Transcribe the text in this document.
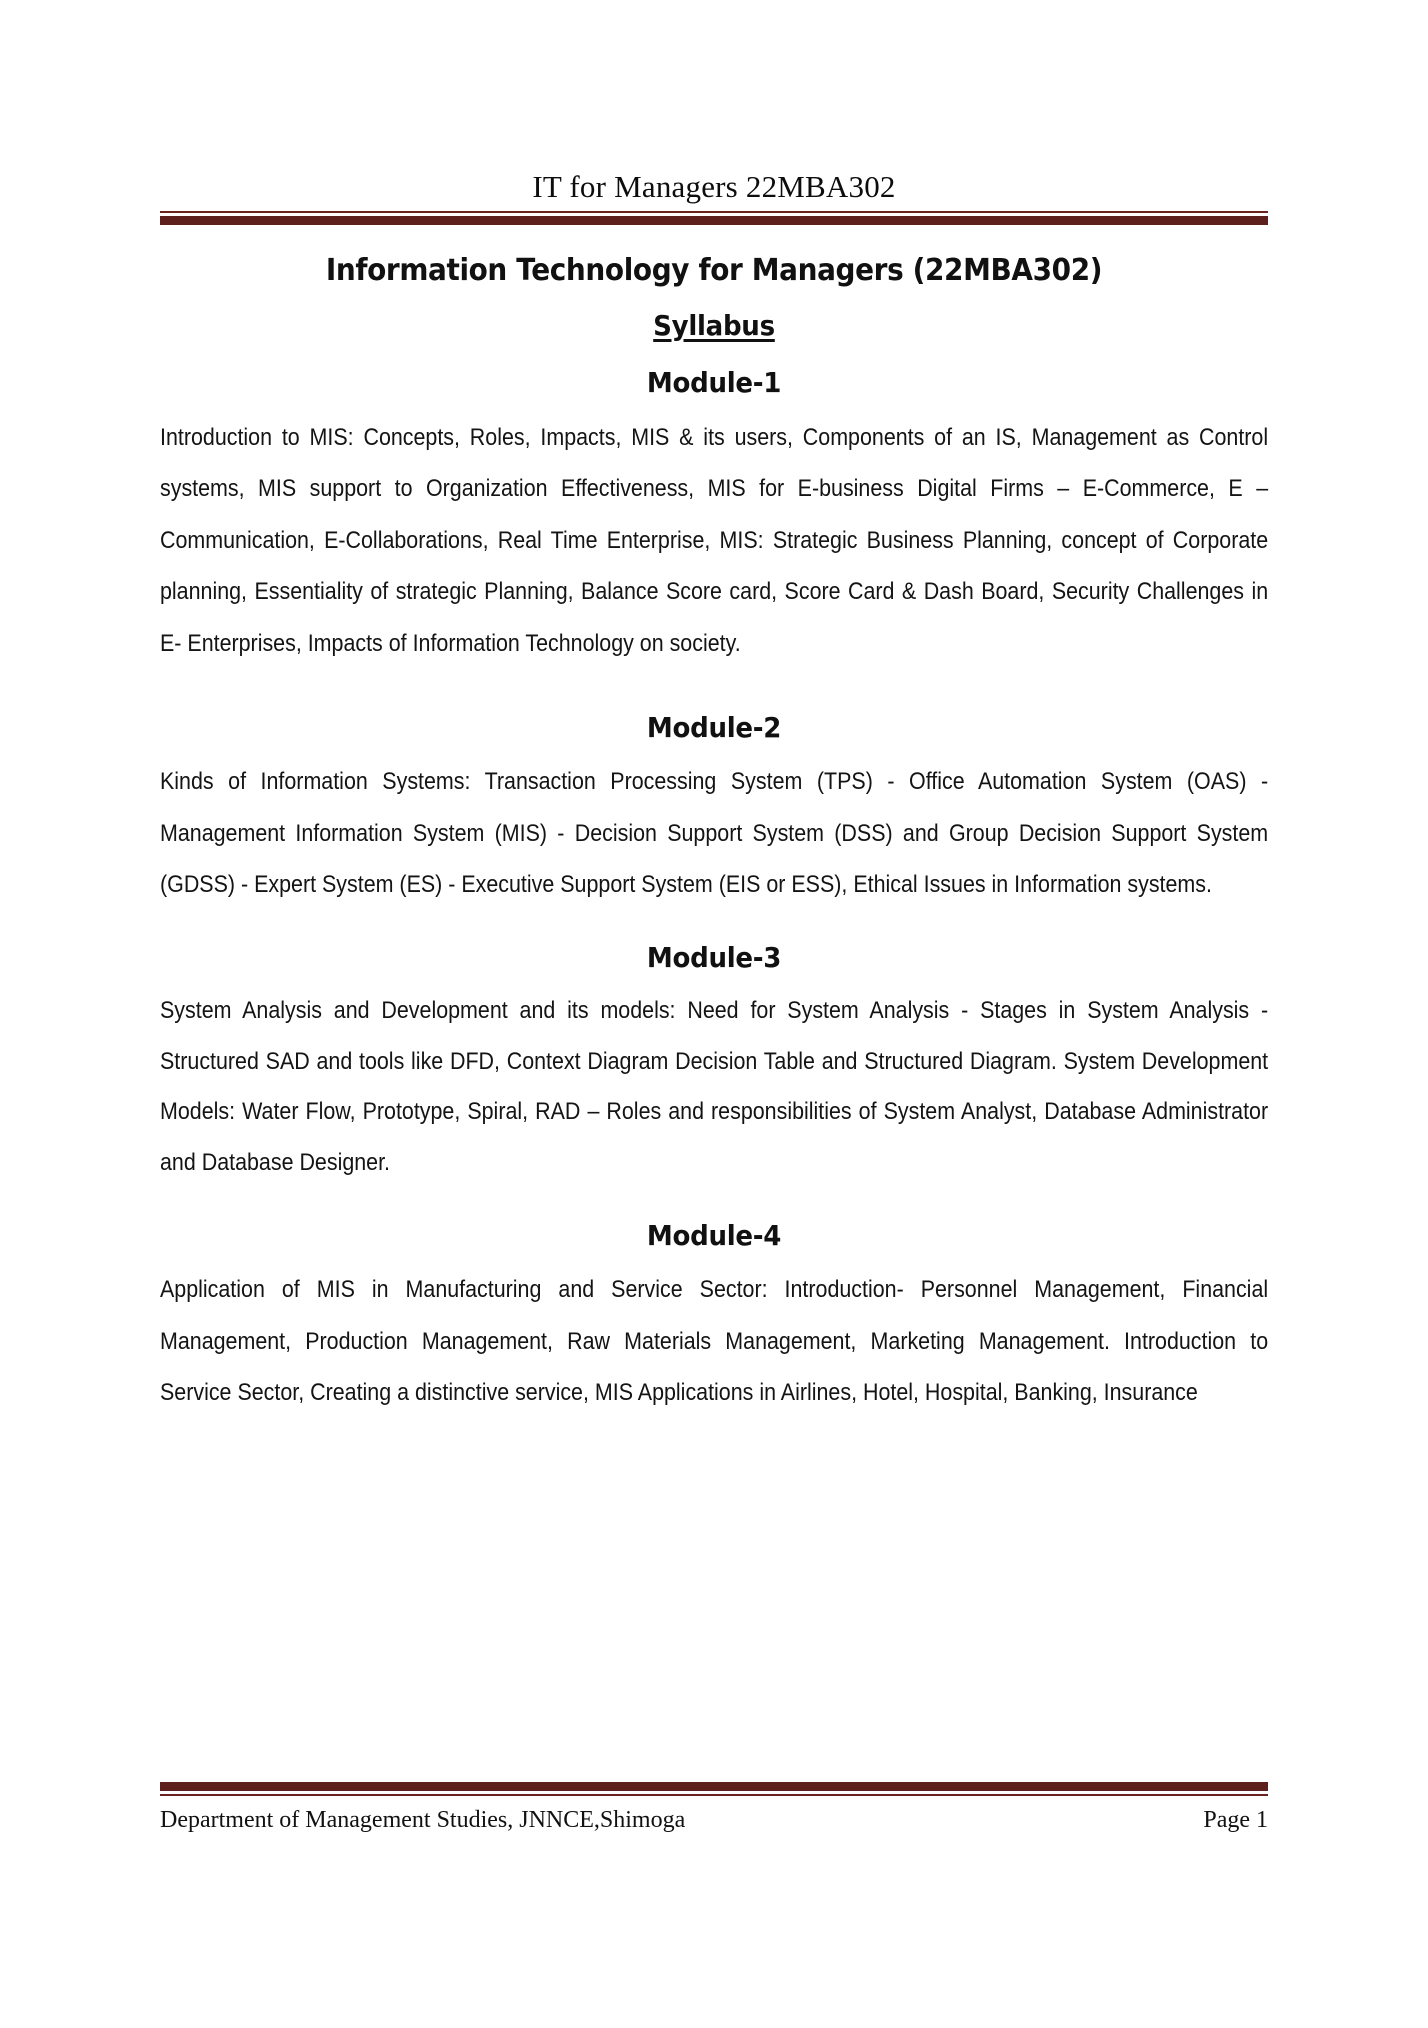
IT for Managers 22MBA302
Information Technology for Managers (22MBA302)
Syllabus
Module-1

Introduction to MIS: Concepts, Roles, Impacts, MIS & its users, Components of an IS, Management as Control systems, MIS support to Organization Effectiveness, MIS for E-business Digital Firms – E-Commerce, E – Communication, E-Collaborations, Real Time Enterprise, MIS: Strategic Business Planning, concept of Corporate planning, Essentiality of strategic Planning, Balance Score card, Score Card & Dash Board, Security Challenges in E- Enterprises, Impacts of Information Technology on society.

Module-2

Kinds of Information Systems: Transaction Processing System (TPS) - Office Automation System (OAS) - Management Information System (MIS) - Decision Support System (DSS) and Group Decision Support System (GDSS) - Expert System (ES) - Executive Support System (EIS or ESS), Ethical Issues in Information systems.

Module-3

System Analysis and Development and its models: Need for System Analysis - Stages in System Analysis - Structured SAD and tools like DFD, Context Diagram Decision Table and Structured Diagram. System Development Models: Water Flow, Prototype, Spiral, RAD – Roles and responsibilities of System Analyst, Database Administrator and Database Designer.

Module-4

Application of MIS in Manufacturing and Service Sector: Introduction- Personnel Management, Financial Management, Production Management, Raw Materials Management, Marketing Management. Introduction to Service Sector, Creating a distinctive service, MIS Applications in Airlines, Hotel, Hospital, Banking, Insurance

Department of Management Studies, JNNCE,Shimoga	Page 1
